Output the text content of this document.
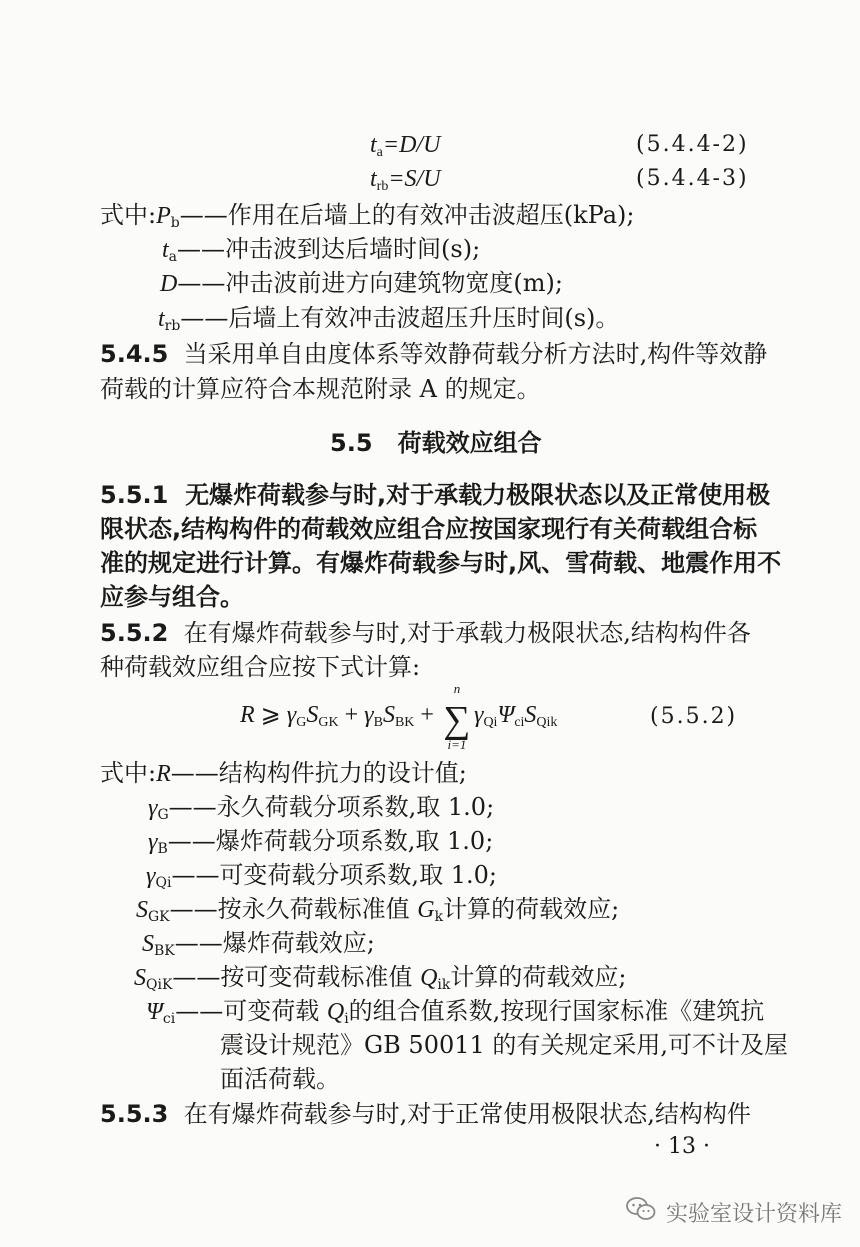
$t_a=D/U$	(5.4.4-2)
$t_{rb}=S/U$	(5.4.4-3)
式中$:P_b——$作用在后墙上的有效冲击波超压(kPa);
$t_a——$冲击波到达后墙时间(s);
D——冲击波前进方向建筑物宽度(m);
$t_{rb}——$后墙上有效冲击波超压升压时间(s)。
5.4.5 当采用单自由度体系等效静荷载分析方法时,构件等效静
荷载的计算应符合本规范附录 A 的规定。
5.5 荷载效应组合
5.5.1 无爆炸荷载参与时,对于承载力极限状态以及正常使用极
限状态,结构构件的荷载效应组合应按国家现行有关荷载组合标
准的规定进行计算。有爆炸荷载参与时,风、雪荷载、地震作用不
应参与组合。
5.5.2 在有爆炸荷载参与时,对于承载力极限状态,结构构件各
种荷载效应组合应按下式计算:
R ⩾ $\gamma_GS_{GK} + \gamma_BS_{BK}$ +
n
∑
i=1
$\gamma_{Qi}\Psi_{ci}S_{Qik}$	(5.5.2)
式中:R——结构构件抗力的设计值;
$\gamma_G——$永久荷载分项系数,取 1.0;
$\gamma_B——$爆炸荷载分项系数,取 1.0;
$\gamma_{Qi}——$可变荷载分项系数,取 1.0;
$S_{GK}——$按永久荷载标准值 $G_k$计算的荷载效应;
$S_{BK}——$爆炸荷载效应;
$S_{QiK}——$按可变荷载标准值 $Q_{ik}$计算的荷载效应;
$\Psi_{ci}——$可变荷载 $Q_i$的组合值系数,按现行国家标准《建筑抗
震设计规范》GB 50011 的有关规定采用,可不计及屋
面活荷载。
5.5.3 在有爆炸荷载参与时,对于正常使用极限状态,结构构件
· 13 ·
实验室设计资料库
